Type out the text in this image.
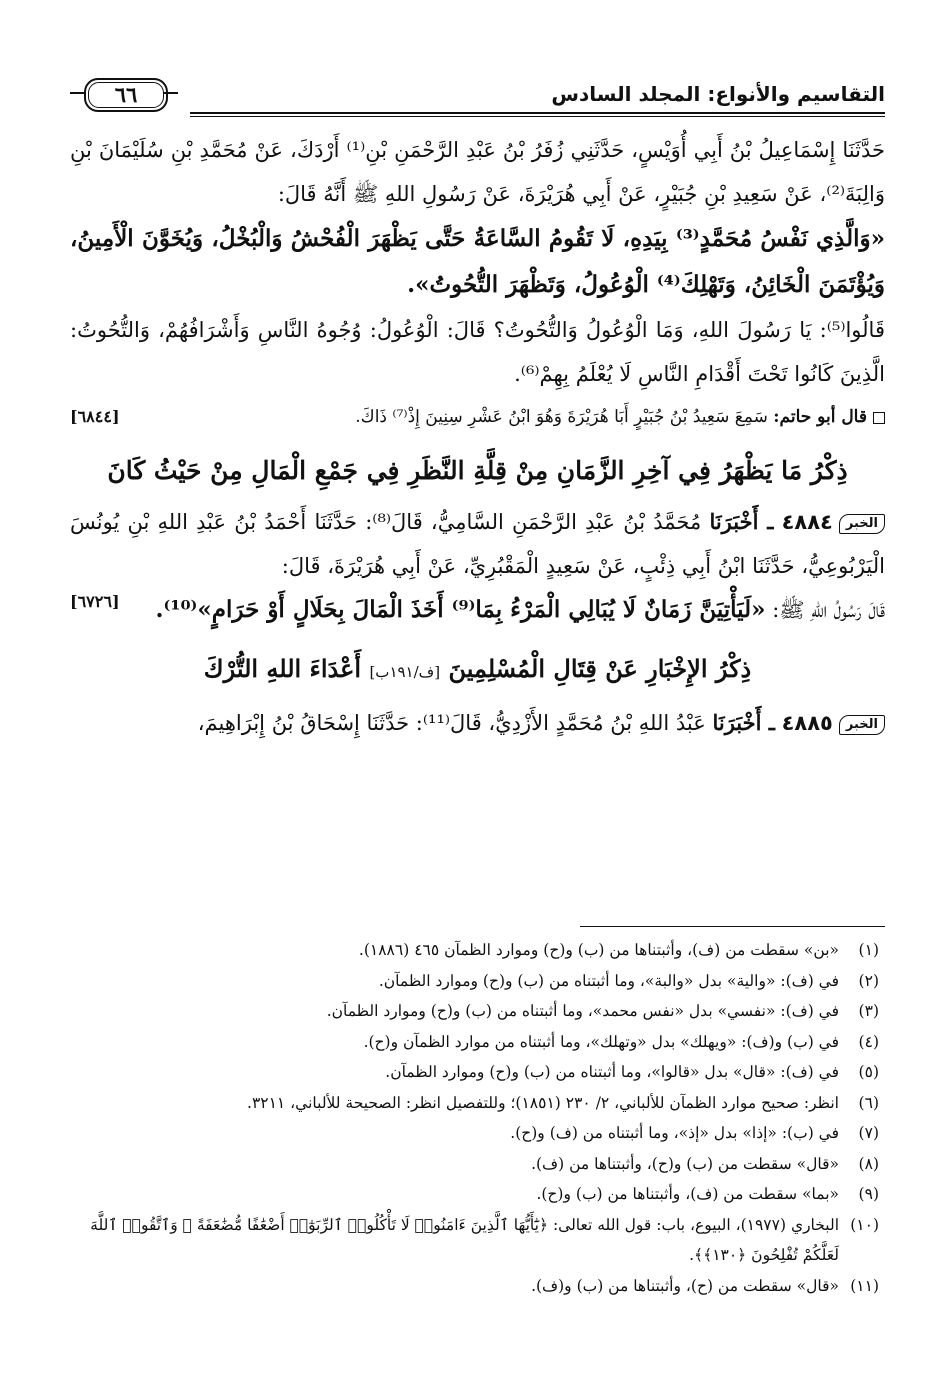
التقاسيم والأنواع: المجلد السادس
٦٦

حَدَّثَنَا إِسْمَاعِيلُ بْنُ أَبِي أُوَيْسٍ، حَدَّثَنِي زُفَرُ بْنُ عَبْدِ الرَّحْمَنِ بْنِ⁽¹⁾ أَرْدَكَ، عَنْ مُحَمَّدِ بْنِ سُلَيْمَانَ بْنِ وَالِبَةَ⁽²⁾، عَنْ سَعِيدِ بْنِ جُبَيْرٍ، عَنْ أَبِي هُرَيْرَةَ، عَنْ رَسُولِ اللهِ ﷺ أَنَّهُ قَالَ:

«وَالَّذِي نَفْسُ مُحَمَّدٍ⁽³⁾ بِيَدِهِ، لَا تَقُومُ السَّاعَةُ حَتَّى يَظْهَرَ الْفُحْشُ وَالْبُخْلُ، وَيُخَوَّنَ الْأَمِينُ، وَيُؤْتَمَنَ الْخَائِنُ، وَتَهْلِكَ⁽⁴⁾ الْوُعُولُ، وَتَظْهَرَ التُّحُوتُ».

قَالُوا⁽⁵⁾: يَا رَسُولَ اللهِ، وَمَا الْوُعُولُ وَالتُّحُوتُ؟ قَالَ: الْوُعُولُ: وُجُوهُ النَّاسِ وَأَشْرَافُهُمْ، وَالتُّحُوتُ: الَّذِينَ كَانُوا تَحْتَ أَقْدَامِ النَّاسِ لَا يُعْلَمُ بِهِمْ⁽⁶⁾.

قال أبو حاتم: سَمِعَ سَعِيدُ بْنُ جُبَيْرٍ أَبَا هُرَيْرَةَ وَهُوَ ابْنُ عَشْرِ سِنِينَ إِذْ⁽⁷⁾ ذَاكَ.
[٦٨٤٤]

ذِكْرُ مَا يَظْهَرُ فِي آخِرِ الزَّمَانِ مِنْ قِلَّةِ النَّظَرِ فِي جَمْعِ الْمَالِ مِنْ حَيْثُ كَانَ

الخبر٤٨٨٤ ـ أَخْبَرَنَا مُحَمَّدُ بْنُ عَبْدِ الرَّحْمَنِ السَّامِيُّ، قَالَ⁽⁸⁾: حَدَّثَنَا أَحْمَدُ بْنُ عَبْدِ اللهِ بْنِ يُونُسَ الْيَرْبُوعِيُّ، حَدَّثَنَا ابْنُ أَبِي ذِئْبٍ، عَنْ سَعِيدٍ الْمَقْبُرِيِّ، عَنْ أَبِي هُرَيْرَةَ، قَالَ:

قَالَ رَسُولُ اللهِ ﷺ: «لَيَأْتِيَنَّ زَمَانٌ لَا يُبَالِي الْمَرْءُ بِمَا⁽⁹⁾ أَخَذَ الْمَالَ بِحَلَالٍ أَوْ حَرَامٍ»⁽¹⁰⁾.
[٦٧٢٦]

ذِكْرُ الإِخْبَارِ عَنْ قِتَالِ الْمُسْلِمِينَ [ف/١٩١ب] أَعْدَاءَ اللهِ التُّرْكَ

الخبر٤٨٨٥ ـ أَخْبَرَنَا عَبْدُ اللهِ بْنُ مُحَمَّدٍ الأَزْدِيُّ، قَالَ⁽¹¹⁾: حَدَّثَنَا إِسْحَاقُ بْنُ إِبْرَاهِيمَ،

(١)
«بن» سقطت من (ف)، وأثبتناها من (ب) و(ح) وموارد الظمآن ٤٦٥ (١٨٨٦).
(٢)
في (ف): «والية» بدل «والبة»، وما أثبتناه من (ب) و(ح) وموارد الظمآن.
(٣)
في (ف): «نفسي» بدل «نفس محمد»، وما أثبتناه من (ب) و(ح) وموارد الظمآن.
(٤)
في (ب) و(ف): «ويهلك» بدل «وتهلك»، وما أثبتناه من موارد الظمآن و(ح).
(٥)
في (ف): «قال» بدل «قالوا»، وما أثبتناه من (ب) و(ح) وموارد الظمآن.
(٦)
انظر: صحيح موارد الظمآن للألباني، ٢/ ٢٣٠ (١٨٥١)؛ وللتفصيل انظر: الصحيحة للألباني، ٣٢١١.
(٧)
في (ب): «إذا» بدل «إذ»، وما أثبتناه من (ف) و(ح).
(٨)
«قال» سقطت من (ب) و(ح)، وأثبتناها من (ف).
(٩)
«بما» سقطت من (ف)، وأثبتناها من (ب) و(ح).
(١٠)
البخاري (١٩٧٧)، البيوع، باب: قول الله تعالى: ﴿يَٰٓأَيُّهَا ٱلَّذِينَ ءَامَنُوا۟ لَا تَأْكُلُوا۟ ٱلرِّبَوٰٓا۟ أَضْعَٰفًا مُّضَٰعَفَةً ۖ وَٱتَّقُوا۟ ٱللَّهَ لَعَلَّكُمْ تُفْلِحُونَ ﴿١٣٠﴾﴾.
(١١)
«قال» سقطت من (ح)، وأثبتناها من (ب) و(ف).
